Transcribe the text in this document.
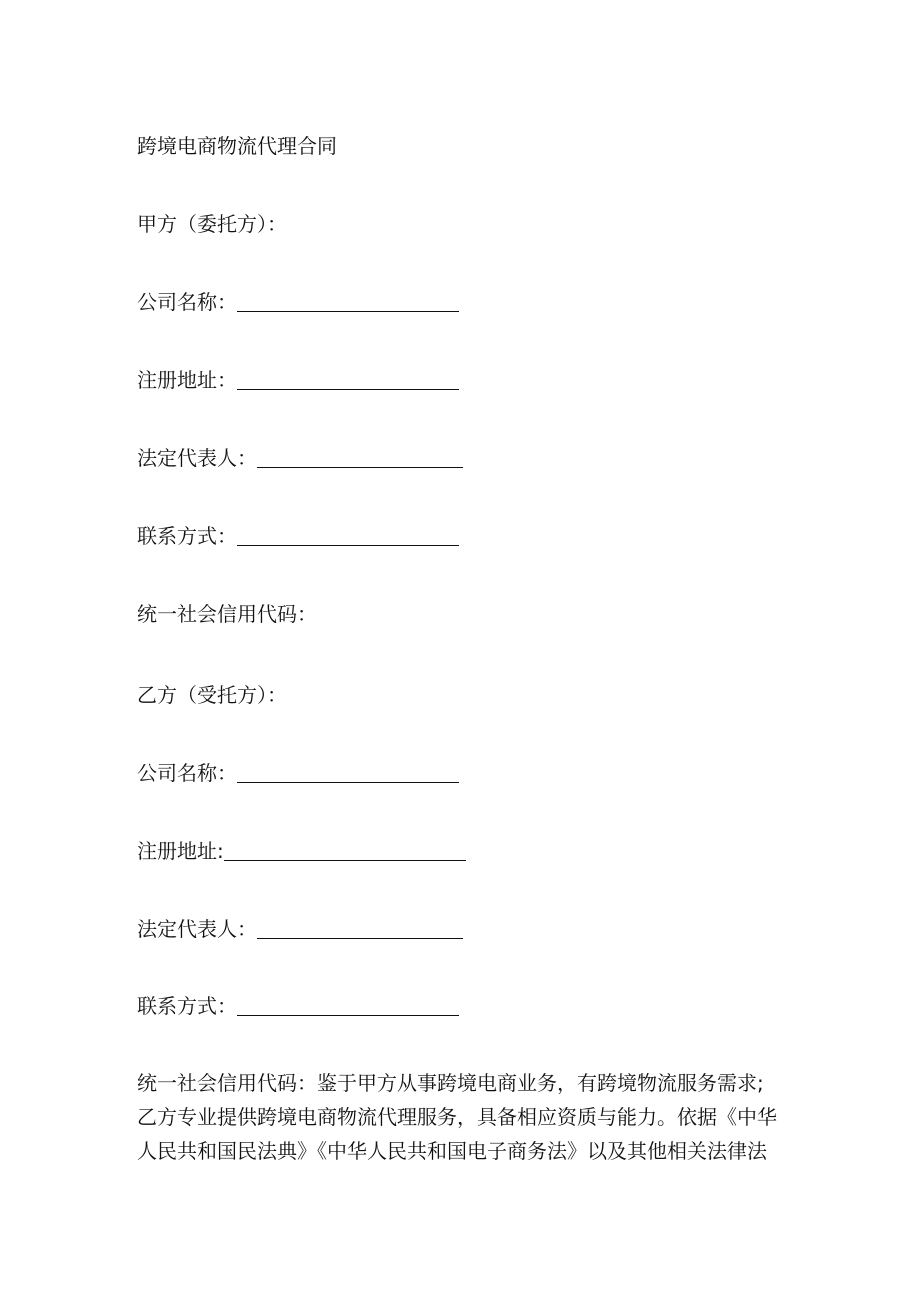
跨境电商物流代理合同
甲方（委托方）：
公司名称：
注册地址：
法定代表人：
联系方式：
统一社会信用代码：
乙方（受托方）：
公司名称：
注册地址:
法定代表人：
联系方式：
统一社会信用代码：鉴于甲方从事跨境电商业务，有跨境物流服务需求;
乙方专业提供跨境电商物流代理服务，具备相应资质与能力。依据《中华
人民共和国民法典》《中华人民共和国电子商务法》以及其他相关法律法
